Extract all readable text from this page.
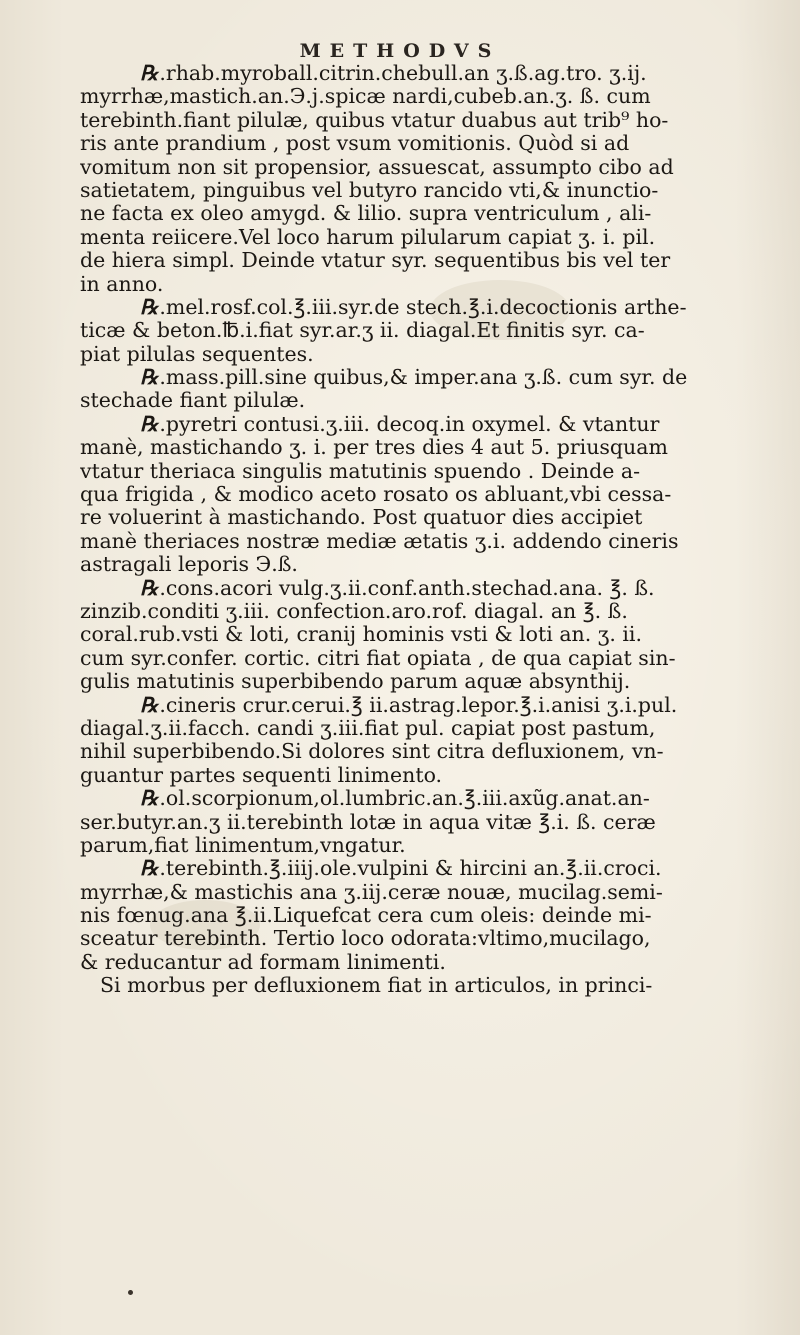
METHODVS
℞.rhab.myroball.citrin.chebull.an ʒ.ß.ag.tro. ʒ.ij.
myrrhæ,mastich.an.Э.j.spicæ nardi,cubeb.an.ʒ. ß. cum
terebinth.fiant pilulæ, quibus vtatur duabus aut trib⁹ ho-
ris ante prandium , post vsum vomitionis. Quòd si ad
vomitum non sit propensior, assuescat, assumpto cibo ad
satietatem, pinguibus vel butyro rancido vti,& inunctio-
ne facta ex oleo amygd. & lilio. supra ventriculum , ali-
menta reiicere.Vel loco harum pilularum capiat ʒ. i. pil.
de hiera simpl. Deinde vtatur syr. sequentibus bis vel ter
in anno.
℞.mel.rosf.col.℥.iii.syr.de stech.℥.i.decoctionis arthe-
ticæ & beton.℔.i.fiat syr.ar.ʒ ii. diagal.Et finitis syr. ca-
piat pilulas sequentes.
℞.mass.pill.sine quibus,& imper.ana ʒ.ß. cum syr. de
stechade fiant pilulæ.
℞.pyretri contusi.ʒ.iii. decoq.in oxymel. & vtantur
manè, mastichando ʒ. i. per tres dies 4 aut 5. priusquam
vtatur theriaca singulis matutinis spuendo . Deinde a-
qua frigida , & modico aceto rosato os abluant,vbi cessa-
re voluerint à mastichando. Post quatuor dies accipiet
manè theriaces nostræ mediæ ætatis ʒ.i. addendo cineris
astragali leporis Э.ß.
℞.cons.acori vulg.ʒ.ii.conf.anth.stechad.ana. ℥. ß.
zinzib.conditi ʒ.iii. confection.aro.rof. diagal. an ℥. ß.
coral.rub.vsti & loti, cranij hominis vsti & loti an. ʒ. ii.
cum syr.confer. cortic. citri fiat opiata , de qua capiat sin-
gulis matutinis superbibendo parum aquæ absynthij.
℞.cineris crur.cerui.℥ ii.astrag.lepor.℥.i.anisi ʒ.i.pul.
diagal.ʒ.ii.facch. candi ʒ.iii.fiat pul. capiat post pastum,
nihil superbibendo.Si dolores sint citra defluxionem, vn-
guantur partes sequenti linimento.
℞.ol.scorpionum,ol.lumbric.an.℥.iii.axũg.anat.an-
ser.butyr.an.ʒ ii.terebinth lotæ in aqua vitæ ℥.i. ß. ceræ
parum,fiat linimentum,vngatur.
℞.terebinth.℥.iiij.ole.vulpini & hircini an.℥.ii.croci.
myrrhæ,& mastichis ana ʒ.iij.ceræ nouæ, mucilag.semi-
nis fœnug.ana ℥.ii.Liquefcat cera cum oleis: deinde mi-
sceatur terebinth. Tertio loco odorata:vltimo,mucilago,
& reducantur ad formam linimenti.
Si morbus per defluxionem fiat in articulos, in princi-
